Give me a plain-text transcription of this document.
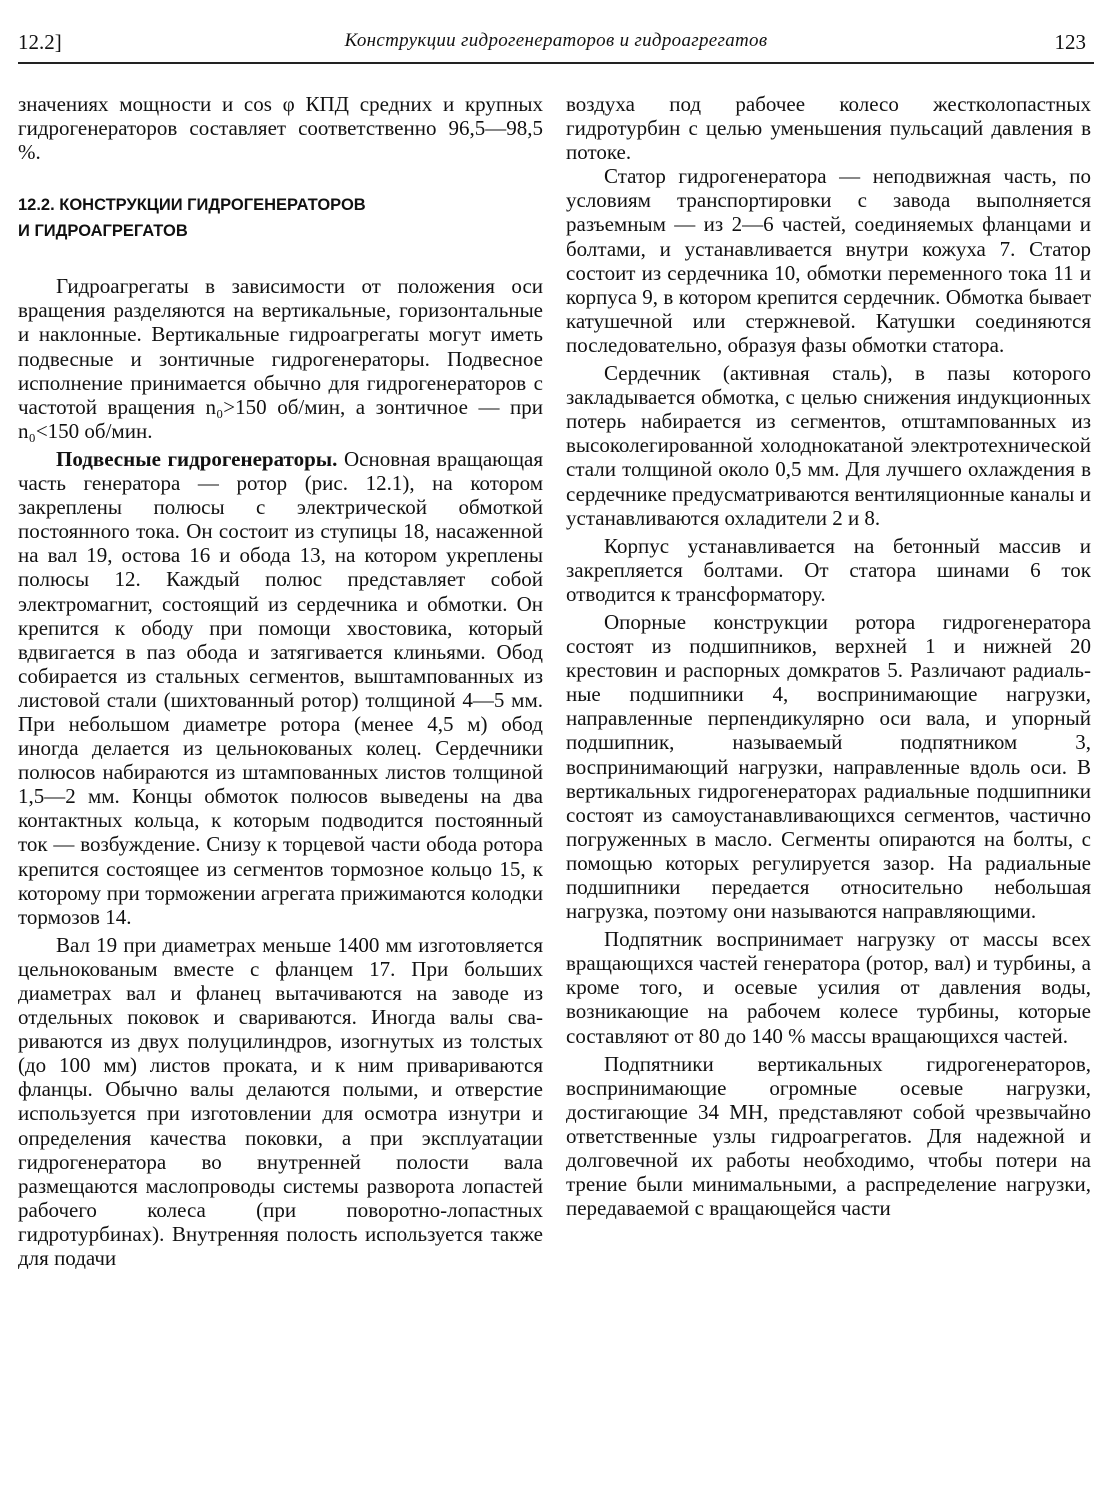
12.2]	Конструкции гидрогенераторов и гидроагрегатов	123

значениях мощности и cos φ КПД средних и крупных гидрогенераторов составляет соответственно 96,5—98,5 %.

12.2. КОНСТРУКЦИИ ГИДРОГЕНЕРАТОРОВ
И ГИДРОАГРЕГАТОВ

Гидроагрегаты в зависимости от положения оси вращения разделяются на вертикальные, горизонтальные и наклонные. Вертикальные гидроагрегаты могут иметь подвесные и зонтичные гидрогенераторы. Подвесное исполнение принимается обычно для гидрогенераторов с частотой вращения n₀>150 об/мин, а зонтичное — при n₀<150 об/мин.

Подвесные гидрогенераторы. Основная вращающая часть генератора — ротор (рис. 12.1), на котором закреплены полюсы с электрической обмоткой постоянного тока. Он состоит из ступицы 18, насаженной на вал 19, остова 16 и обода 13, на котором укреплены полюсы 12. Каждый полюс представляет собой электромагнит, состоящий из сердечника и обмотки. Он крепится к ободу при помощи хвостовика, который вдвигается в паз обода и затягивается клиньями. Обод собирается из стальных сегментов, выштампованных из листовой стали (шихтованный ротор) толщиной 4—5 мм. При небольшом диаметре ротора (менее 4,5 м) обод иногда делается из цельнокованых колец. Сердечники полюсов набираются из штампованных листов толщиной 1,5—2 мм. Концы обмоток полюсов выведены на два контактных кольца, к которым подводится постоянный ток — возбуждение. Снизу к торцевой части обода ротора крепится состоящее из сегментов тормозное кольцо 15, к которому при торможении агрегата прижимаются колодки тормозов 14.

Вал 19 при диаметрах меньше 1400 мм изготовляется цельнокованым вместе с фланцем 17. При больших диаметрах вал и фланец вытачиваются на заводе из отдельных поковок и свариваются. Иногда валы свариваются из двух полуцилиндров, изогнутых из толстых (до 100 мм) листов проката, и к ним привариваются фланцы. Обычно валы делаются полыми, и отверстие используется при изготовлении для осмотра изнутри и определения качества поковки, а при эксплуатации гидрогенератора во внутренней полости вала размещаются маслопроводы системы разворота лопастей рабочего колеса (при поворотно-лопастных гидротурбинах). Внутренняя полость используется также для подачи

воздуха под рабочее колесо жестколопастных гидротурбин с целью уменьшения пульсаций давления в потоке.

Статор гидрогенератора — неподвижная часть, по условиям транспортировки с завода выполняется разъемным — из 2—6 частей, соединяемых фланцами и болтами, и устанавливается внутри кожуха 7. Статор состоит из сердечника 10, обмотки переменного тока 11 и корпуса 9, в котором крепится сердечник. Обмотка бывает катушечной или стержневой. Катушки соединяются последовательно, образуя фазы обмотки статора.

Сердечник (активная сталь), в пазы которого закладывается обмотка, с целью снижения индукционных потерь набирается из сегментов, отштампованных из высоколегированной холоднокатаной электротехнической стали толщиной около 0,5 мм. Для лучшего охлаждения в сердечнике предусматриваются вентиляционные каналы и устанавливаются охладители 2 и 8.

Корпус устанавливается на бетонный массив и закрепляется болтами. От статора шинами 6 ток отводится к трансформатору.

Опорные конструкции ротора гидрогенератора состоят из подшипников, верхней 1 и нижней 20 крестовин и распорных домкратов 5. Различают радиальные подшипники 4, воспринимающие нагрузки, направленные перпендикулярно оси вала, и упорный подшипник, называемый подпятником 3, воспринимающий нагрузки, направленные вдоль оси. В вертикальных гидрогенераторах радиальные подшипники состоят из самоустанавливающихся сегментов, частично погруженных в масло. Сегменты опираются на болты, с помощью которых регулируется зазор. На радиальные подшипники передается относительно небольшая нагрузка, поэтому они называются направляющими.

Подпятник воспринимает нагрузку от массы всех вращающихся частей генератора (ротор, вал) и турбины, а кроме того, и осевые усилия от давления воды, возникающие на рабочем колесе турбины, которые составляют от 80 до 140 % массы вращающихся частей.

Подпятники вертикальных гидрогенераторов, воспринимающие огромные осевые нагрузки, достигающие 34 МН, представляют собой чрезвычайно ответственные узлы гидроагрегатов. Для надежной и долговечной их работы необходимо, чтобы потери на трение были минимальными, а распределение нагрузки, передаваемой с вращающейся части
